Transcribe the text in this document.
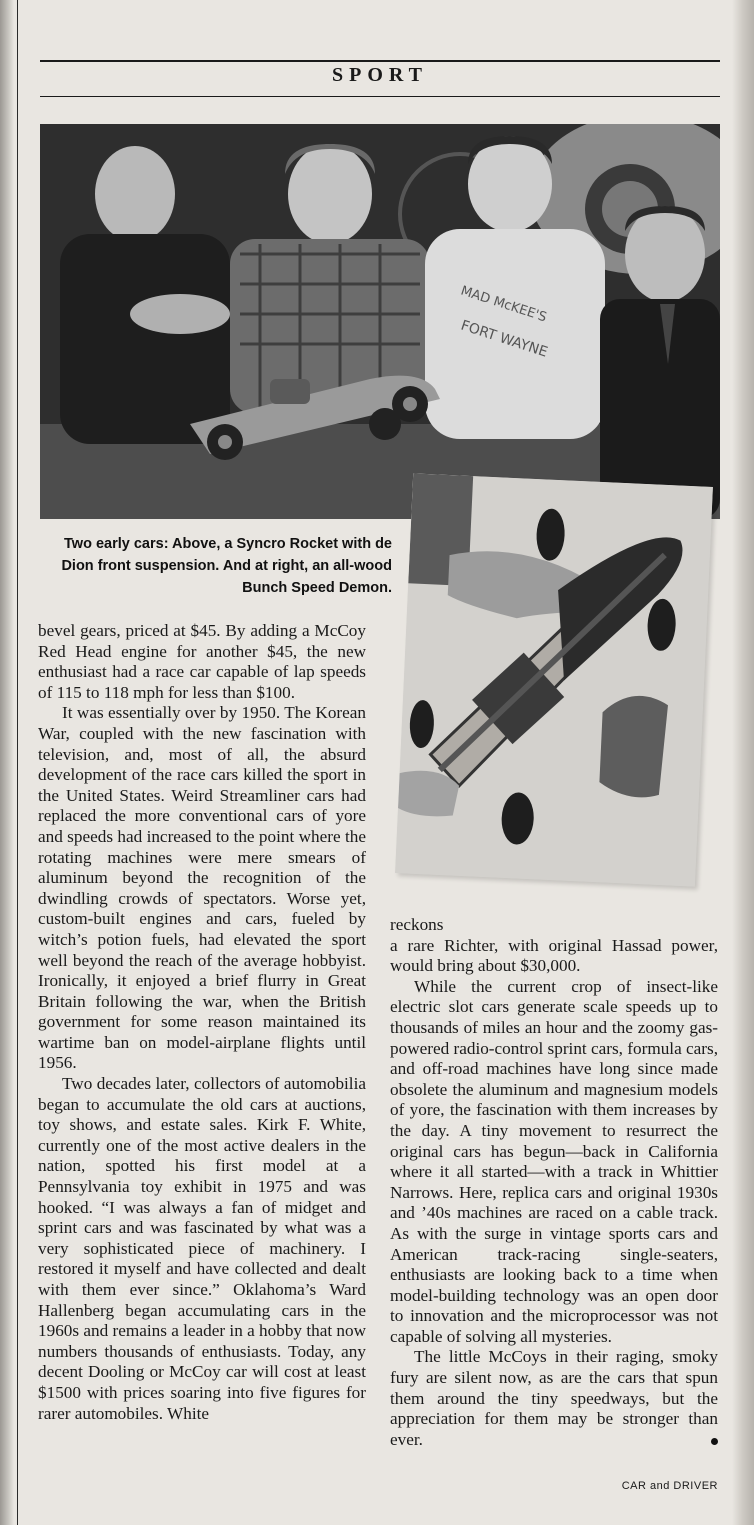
SPORT
MAD McKEE'S
FORT WAYNE

Two early cars: Above, a Syncro Rocket with de Dion front suspension. And at right, an all-wood Bunch Speed Demon.

bevel gears, priced at $45. By adding a McCoy Red Head engine for another $45, the new enthusiast had a race car capable of lap speeds of 115 to 118 mph for less than $100.

It was essentially over by 1950. The Korean War, coupled with the new fascination with television, and, most of all, the absurd development of the race cars killed the sport in the United States. Weird Streamliner cars had replaced the more conventional cars of yore and speeds had increased to the point where the rotating machines were mere smears of aluminum beyond the recognition of the dwindling crowds of spectators. Worse yet, custom-built engines and cars, fueled by witch’s potion fuels, had elevated the sport well beyond the reach of the average hobbyist. Ironically, it enjoyed a brief flurry in Great Britain following the war, when the British government for some reason maintained its wartime ban on model-airplane flights until 1956.

Two decades later, collectors of automobilia began to accumulate the old cars at auctions, toy shows, and estate sales. Kirk F. White, currently one of the most active dealers in the nation, spotted his first model at a Pennsylvania toy exhibit in 1975 and was hooked. “I was always a fan of midget and sprint cars and was fascinated by what was a very sophisticated piece of machinery. I restored it myself and have collected and dealt with them ever since.” Oklahoma’s Ward Hallenberg began accumulating cars in the 1960s and remains a leader in a hobby that now numbers thousands of enthusiasts. Today, any decent Dooling or McCoy car will cost at least $1500 with prices soaring into five figures for rarer automobiles. White

reckons

a rare Richter, with original Hassad power, would bring about $30,000.

While the current crop of insect-like electric slot cars generate scale speeds up to thousands of miles an hour and the zoomy gas-powered radio-control sprint cars, formula cars, and off-road machines have long since made obsolete the aluminum and magnesium models of yore, the fascination with them increases by the day. A tiny movement to resurrect the original cars has begun—back in California where it all started—with a track in Whittier Narrows. Here, replica cars and original 1930s and ’40s machines are raced on a cable track. As with the surge in vintage sports cars and American track-racing single-seaters, enthusiasts are looking back to a time when model-building technology was an open door to innovation and the microprocessor was not capable of solving all mysteries.

The little McCoys in their raging, smoky fury are silent now, as are the cars that spun them around the tiny speedways, but the appreciation for them may be stronger than ever.

CAR and DRIVER
